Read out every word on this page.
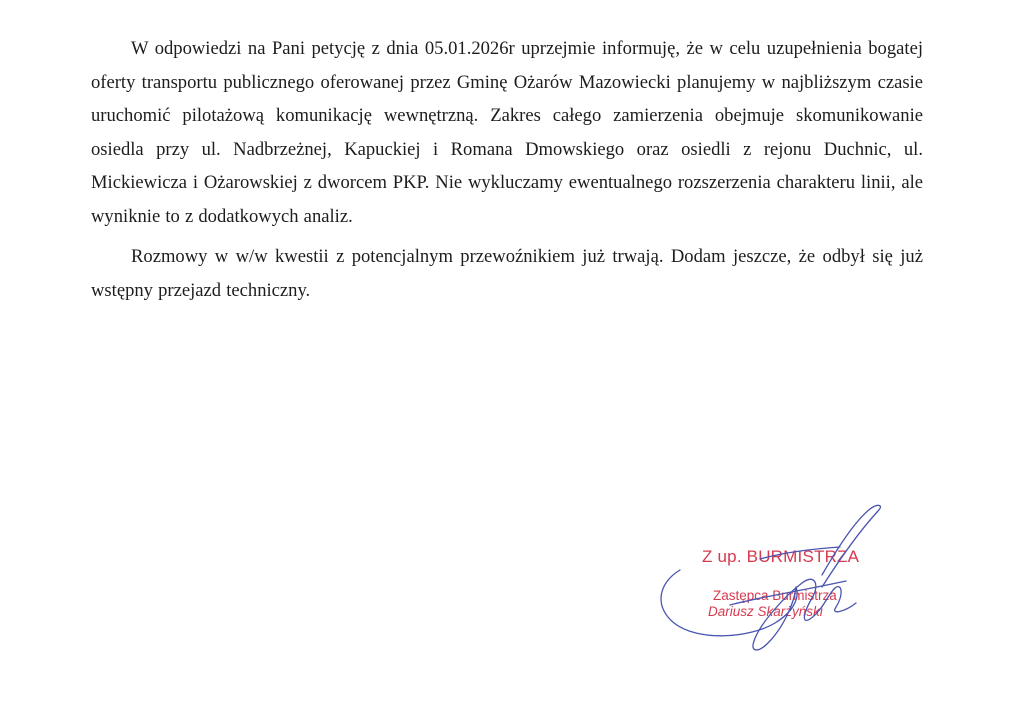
W odpowiedzi na Pani petycję z dnia 05.01.2026r uprzejmie informuję, że w celu uzupełnienia bogatej oferty transportu publicznego oferowanej przez Gminę Ożarów Mazowiecki planujemy w najbliższym czasie uruchomić pilotażową komunikację wewnętrzną. Zakres całego zamierzenia obejmuje skomunikowanie osiedla przy ul. Nadbrzeżnej, Kapuckiej i Romana Dmowskiego oraz osiedli z rejonu Duchnic, ul. Mickiewicza i Ożarowskiej z dworcem PKP. Nie wykluczamy ewentualnego rozszerzenia charakteru linii, ale wyniknie to z dodatkowych analiz.

Rozmowy w w/w kwestii z potencjalnym przewoźnikiem już trwają. Dodam jeszcze, że odbył się już wstępny przejazd techniczny.

Z up. BURMISTRZA

Zastępca Burmistrza

Dariusz Skarżyński
